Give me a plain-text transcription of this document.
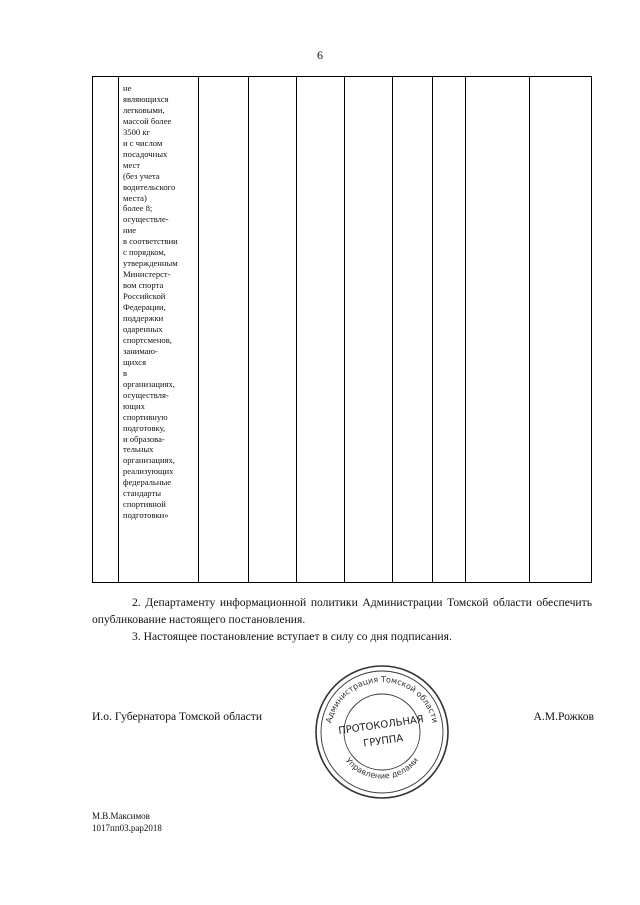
6

не
являющихся
легковыми,
массой более
3500 кг
и с числом
посадочных
мест
(без учета
водительского
места)
более 8;
осуществле-
ние
в соответствии
с порядком,
утвержденным
Министерст-
вом спорта
Российской
Федерации,
поддержки
одаренных
спортсменов,
занимаю-
щихся
в
организациях,
осуществля-
ющих
спортивную
подготовку,
и образова-
тельных
организациях,
реализующих
федеральные
стандарты
спортивной
подготовки»

2. Департаменту информационной политики Администрации Томской области обеспечить опубликование настоящего постановления.
3. Настоящее постановление вступает в силу со дня подписания.
И.о. Губернатора Томской области	А.М.Рожков
Администрация Томской области
Управление делами
ПРОТОКОЛЬНАЯ
ГРУППА
М.В.Максимов
1017пп03.рар2018
